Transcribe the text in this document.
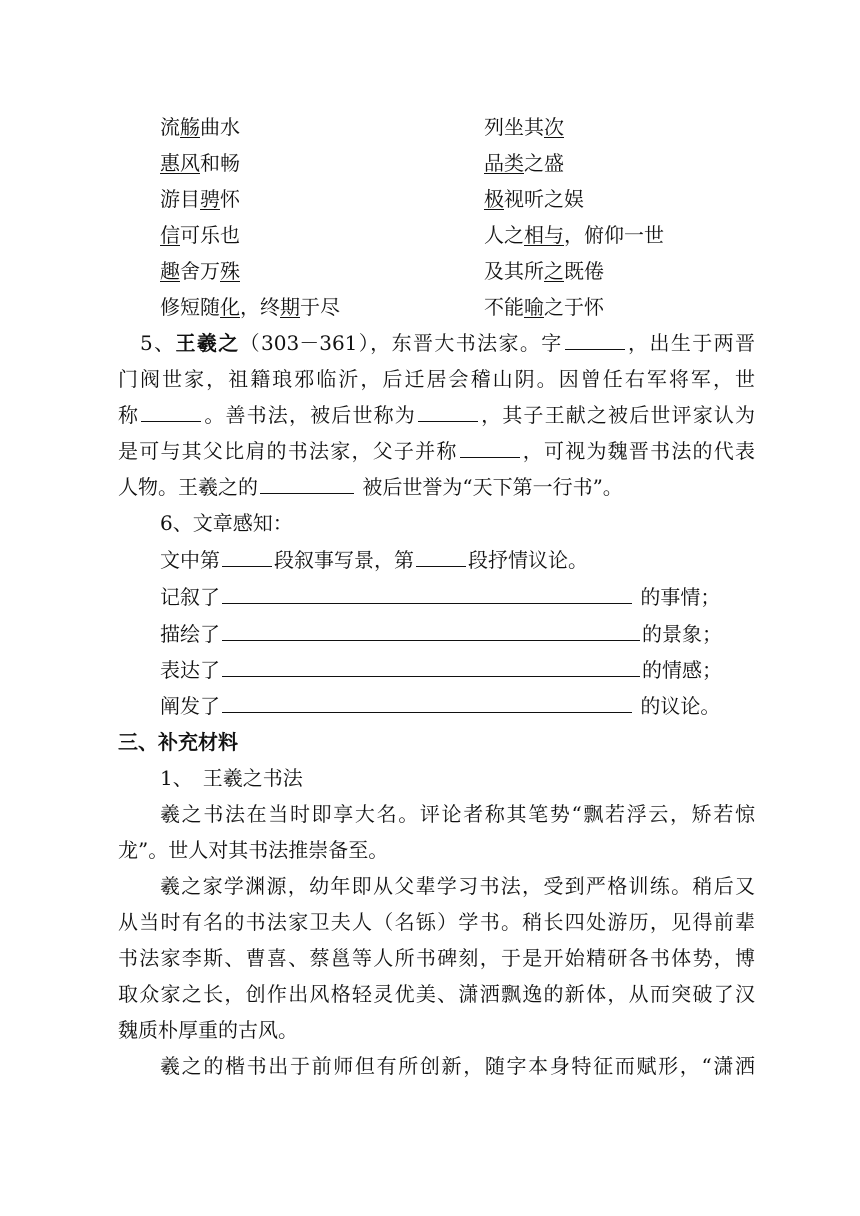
流觞曲水	列坐其次
惠风和畅	品类之盛
游目骋怀	极视听之娱
信可乐也	人之相与，俯仰一世
趣舍万殊	及其所之既倦
修短随化，终期于尽	不能喻之于怀
5、王羲之（303－361），东晋大书法家。字	，出生于两晋
门阀世家，祖籍琅邪临沂，后迁居会稽山阴。因曾任右军将军，世
称	。善书法，被后世称为	，其子王献之被后世评家认为
是可与其父比肩的书法家，父子并称	，可视为魏晋书法的代表
人物。王羲之的	被后世誉为“天下第一行书”。
6、文章感知：
文中第	段叙事写景，第	段抒情议论。
记叙了	的事情；
描绘了	的景象；
表达了	的情感；
阐发了	的议论。
三、补充材料
1、　王羲之书法
羲之书法在当时即享大名。评论者称其笔势“飘若浮云，矫若惊
龙”。世人对其书法推崇备至。
羲之家学渊源，幼年即从父辈学习书法，受到严格训练。稍后又
从当时有名的书法家卫夫人（名铄）学书。稍长四处游历，见得前辈
书法家李斯、曹喜、蔡邕等人所书碑刻，于是开始精研各书体势，博
取众家之长，创作出风格轻灵优美、潇洒飘逸的新体，从而突破了汉
魏质朴厚重的古风。
羲之的楷书出于前师但有所创新，随字本身特征而赋形，“潇洒
